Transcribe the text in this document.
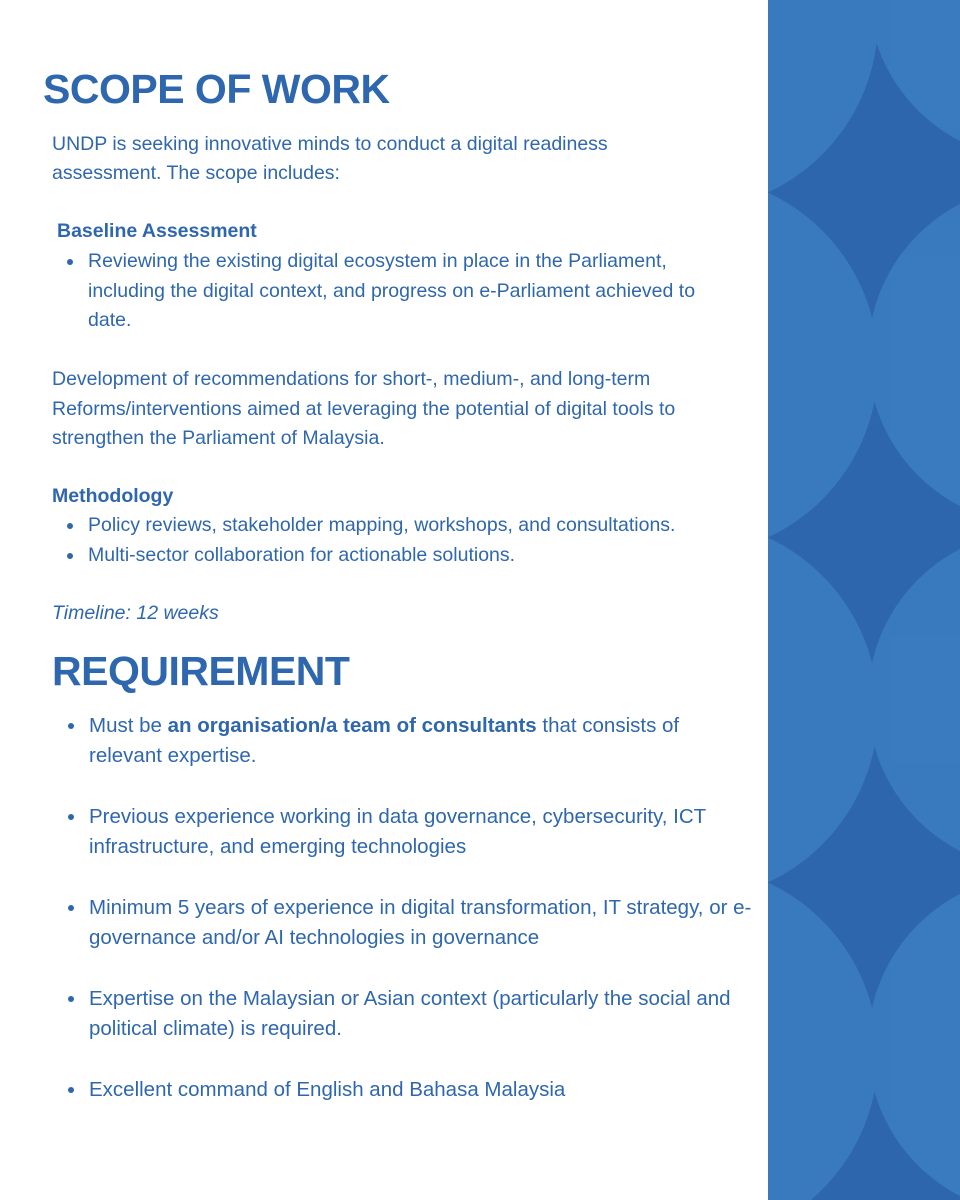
SCOPE OF WORK

UNDP is seeking innovative minds to conduct a digital readiness

assessment. The scope includes:

Baseline Assessment

Reviewing the existing digital ecosystem in place in the Parliament, including the digital context, and progress on e-Parliament achieved to date.

Development of recommendations for short-, medium-, and long-term Reforms/interventions aimed at leveraging the potential of digital tools to strengthen the Parliament of Malaysia.

Methodology

Policy reviews, stakeholder mapping, workshops, and consultations.
Multi-sector collaboration for actionable solutions.

Timeline: 12 weeks

REQUIREMENT
Must be an organisation/a team of consultants that consists of relevant expertise.
Previous experience working in data governance, cybersecurity, ICT infrastructure, and emerging technologies
Minimum 5 years of experience in digital transformation, IT strategy, or e-governance and/or AI technologies in governance
Expertise on the Malaysian or Asian context (particularly the social and political climate) is required.
Excellent command of English and Bahasa Malaysia
